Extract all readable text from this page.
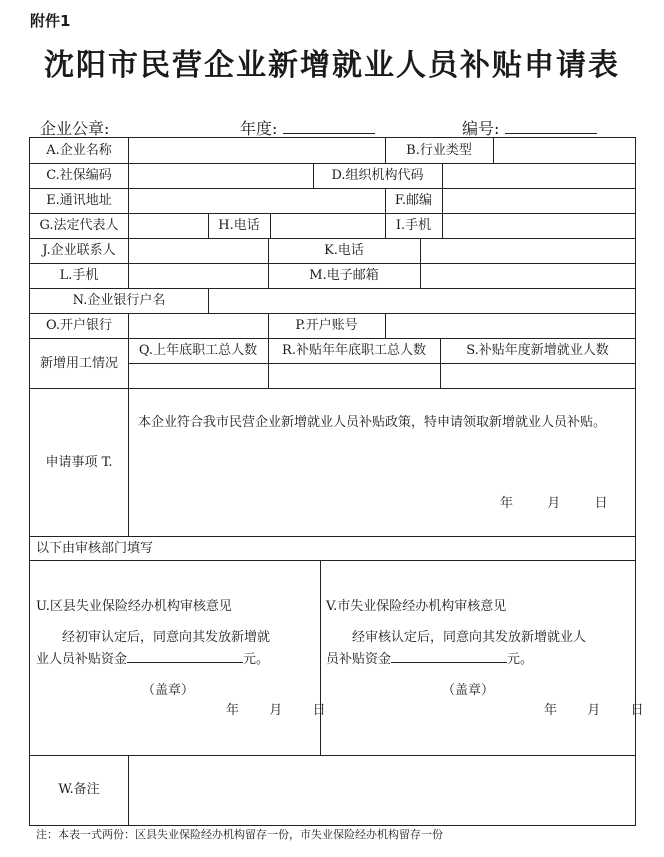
附件1
沈阳市民营企业新增就业人员补贴申请表
企业公章:	年度:	编号:
A.企业名称	B.行业类型
C.社保编码	D.组织机构代码
E.通讯地址	F.邮编
G.法定代表人	H.电话	I.手机
J.企业联系人	K.电话
L.手机	M.电子邮箱
N.企业银行户名
O.开户银行	P.开户账号
新增用工情况
Q.上年底职工总人数	R.补贴年年底职工总人数	S.补贴年度新增就业人数
申请事项 T.
本企业符合我市民营企业新增就业人员补贴政策，特申请领取新增就业人员补贴。
年	月	日
以下由审核部门填写
U.区县失业保险经办机构审核意见
经初审认定后，同意向其发放新增就
业人员补贴资金	元。
（盖章）
年 月 日
V.市失业保险经办机构审核意见
经审核认定后，同意向其发放新增就业人
员补贴资金	元。
（盖章）
年 月 日
W.备注
注：本表一式两份：区县失业保险经办机构留存一份，市失业保险经办机构留存一份
